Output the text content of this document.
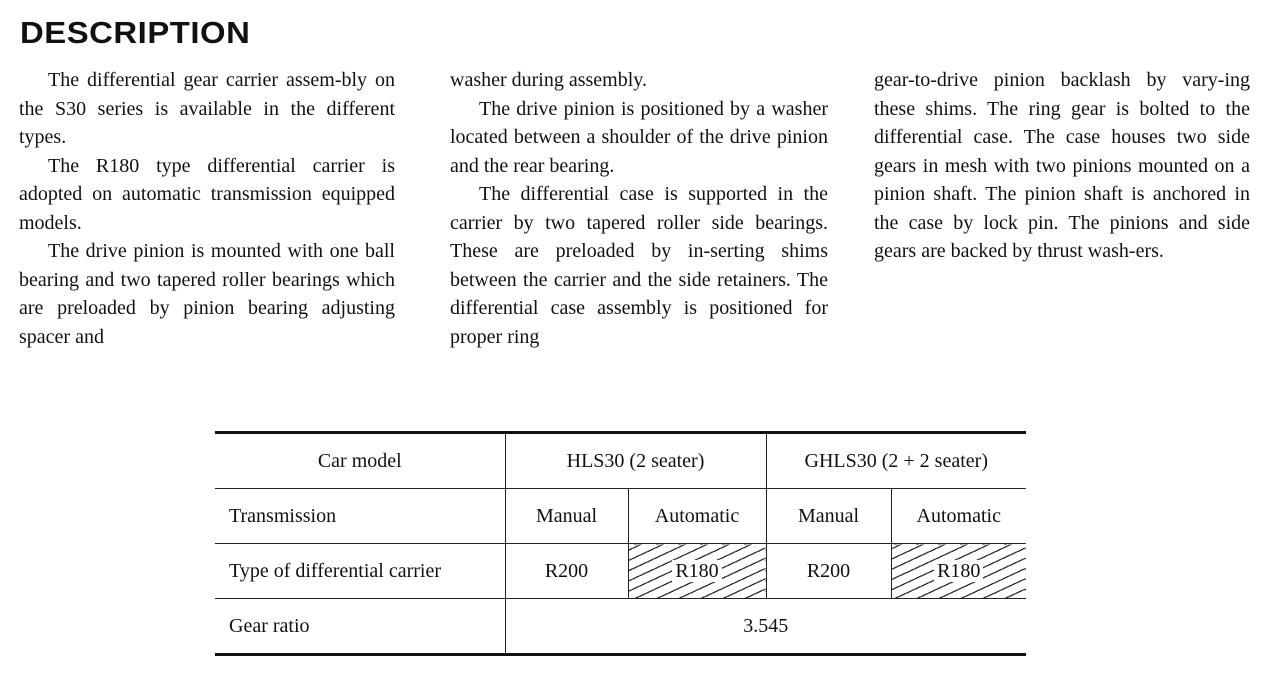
DESCRIPTION

The differential gear carrier assem-bly on the S30 series is available in the different types.

The R180 type differential carrier is adopted on automatic transmission equipped models.

The drive pinion is mounted with one ball bearing and two tapered roller bearings which are preloaded by pinion bearing adjusting spacer and

washer during assembly.

The drive pinion is positioned by a washer located between a shoulder of the drive pinion and the rear bearing.

The differential case is supported in the carrier by two tapered roller side bearings. These are preloaded by in-serting shims between the carrier and the side retainers. The differential case assembly is positioned for proper ring

gear-to-drive pinion backlash by vary-ing these shims. The ring gear is bolted to the differential case. The case houses two side gears in mesh with two pinions mounted on a pinion shaft. The pinion shaft is anchored in the case by lock pin. The pinions and side gears are backed by thrust wash-ers.

Car model	HLS30 (2 seater)		GHLS30 (2 + 2 seater)	
Transmission	Manual	Automatic	Manual	Automatic
Type of differential carrier	R200	R180	R200	R180
Gear ratio	3.545			
